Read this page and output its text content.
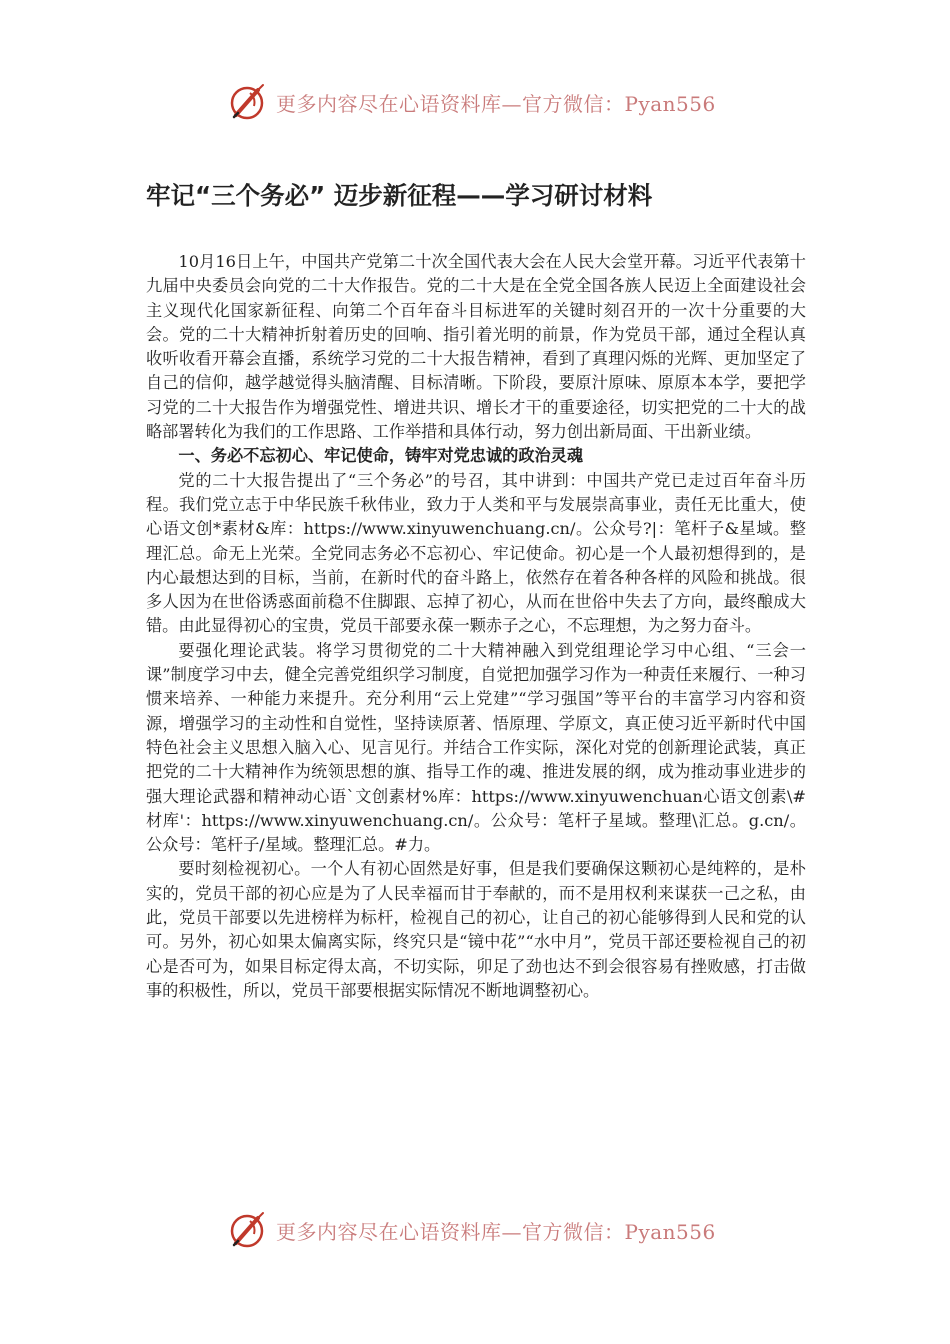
更多内容尽在心语资料库—官方微信：Pyan556
牢记“三个务必” 迈步新征程——学习研讨材料

10月16日上午，中国共产党第二十次全国代表大会在人民大会堂开幕。习近平代表第十九届中央委员会向党的二十大作报告。党的二十大是在全党全国各族人民迈上全面建设社会主义现代化国家新征程、向第二个百年奋斗目标进军的关键时刻召开的一次十分重要的大会。党的二十大精神折射着历史的回响、指引着光明的前景，作为党员干部，通过全程认真收听收看开幕会直播，系统学习党的二十大报告精神，看到了真理闪烁的光辉、更加坚定了自己的信仰，越学越觉得头脑清醒、目标清晰。下阶段，要原汁原味、原原本本学，要把学习党的二十大报告作为增强党性、增进共识、增长才干的重要途径，切实把党的二十大的战略部署转化为我们的工作思路、工作举措和具体行动，努力创出新局面、干出新业绩。

一、务必不忘初心、牢记使命，铸牢对党忠诚的政治灵魂

党的二十大报告提出了“三个务必”的号召，其中讲到：中国共产党已走过百年奋斗历程。我们党立志于中华民族千秋伟业，致力于人类和平与发展崇高事业，责任无比重大，使心语文创*素材&库：https://www.xinyuwenchuang.cn/。公众号?|：笔杆子&星域。整理汇总。命无上光荣。全党同志务必不忘初心、牢记使命。初心是一个人最初想得到的，是内心最想达到的目标，当前，在新时代的奋斗路上，依然存在着各种各样的风险和挑战。很多人因为在世俗诱惑面前稳不住脚跟、忘掉了初心，从而在世俗中失去了方向，最终酿成大错。由此显得初心的宝贵，党员干部要永葆一颗赤子之心，不忘理想，为之努力奋斗。

要强化理论武装。将学习贯彻党的二十大精神融入到党组理论学习中心组、“三会一课”制度学习中去，健全完善党组织学习制度，自觉把加强学习作为一种责任来履行、一种习惯来培养、一种能力来提升。充分利用“云上党建”“学习强国”等平台的丰富学习内容和资源，增强学习的主动性和自觉性，坚持读原著、悟原理、学原文，真正使习近平新时代中国特色社会主义思想入脑入心、见言见行。并结合工作实际，深化对党的创新理论武装，真正把党的二十大精神作为统领思想的旗、指导工作的魂、推进发展的纲，成为推动事业进步的强大理论武器和精神动心语`文创素材%库：https://www.xinyuwenchuan心语文创素\#材库'：https://www.xinyuwenchuang.cn/。公众号：笔杆子星域。整理\汇总。g.cn/。公众号：笔杆子/星域。整理汇总。#力。

要时刻检视初心。一个人有初心固然是好事，但是我们要确保这颗初心是纯粹的，是朴实的，党员干部的初心应是为了人民幸福而甘于奉献的，而不是用权利来谋获一己之私，由此，党员干部要以先进榜样为标杆，检视自己的初心，让自己的初心能够得到人民和党的认可。另外，初心如果太偏离实际，终究只是“镜中花”“水中月”，党员干部还要检视自己的初心是否可为，如果目标定得太高，不切实际，卯足了劲也达不到会很容易有挫败感，打击做事的积极性，所以，党员干部要根据实际情况不断地调整初心。

更多内容尽在心语资料库—官方微信：Pyan556
